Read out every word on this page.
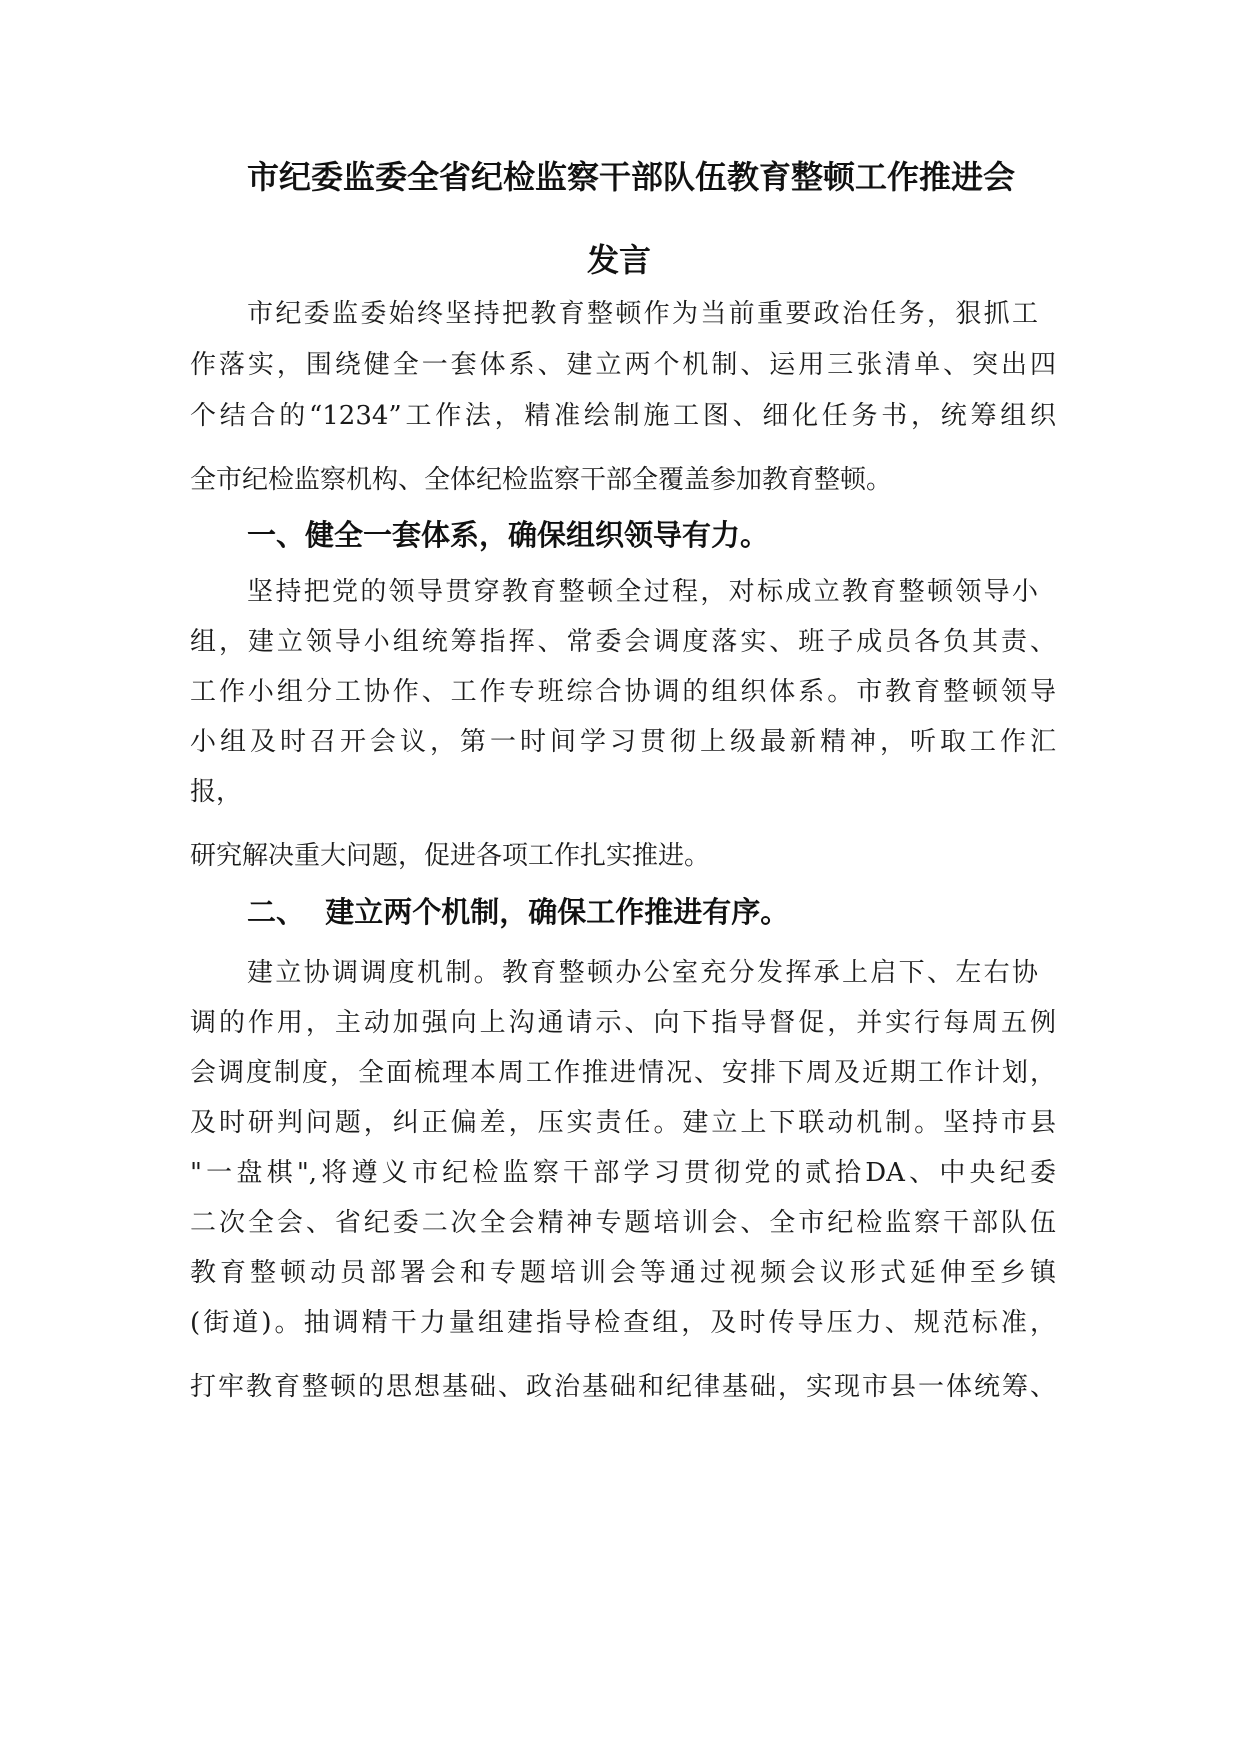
市纪委监委全省纪检监察干部队伍教育整顿工作推进会
发言
市纪委监委始终坚持把教育整顿作为当前重要政治任务，狠抓工
作落实，围绕健全一套体系、建立两个机制、运用三张清单、突出四
个结合的“1234”工作法，精准绘制施工图、细化任务书，统筹组织
全市纪检监察机构、全体纪检监察干部全覆盖参加教育整顿。
一、健全一套体系，确保组织领导有力。
坚持把党的领导贯穿教育整顿全过程，对标成立教育整顿领导小
组，建立领导小组统筹指挥、常委会调度落实、班子成员各负其责、
工作小组分工协作、工作专班综合协调的组织体系。市教育整顿领导
小组及时召开会议，第一时间学习贯彻上级最新精神，听取工作汇
报，
研究解决重大问题，促进各项工作扎实推进。
二、  建立两个机制，确保工作推进有序。
建立协调调度机制。教育整顿办公室充分发挥承上启下、左右协
调的作用，主动加强向上沟通请示、向下指导督促，并实行每周五例
会调度制度，全面梳理本周工作推进情况、安排下周及近期工作计划，
及时研判问题，纠正偏差，压实责任。建立上下联动机制。坚持市县
"一盘棋",将遵义市纪检监察干部学习贯彻党的贰拾DA、中央纪委
二次全会、省纪委二次全会精神专题培训会、全市纪检监察干部队伍
教育整顿动员部署会和专题培训会等通过视频会议形式延伸至乡镇
(街道)。抽调精干力量组建指导检查组，及时传导压力、规范标准，
打牢教育整顿的思想基础、政治基础和纪律基础，实现市县一体统筹、
